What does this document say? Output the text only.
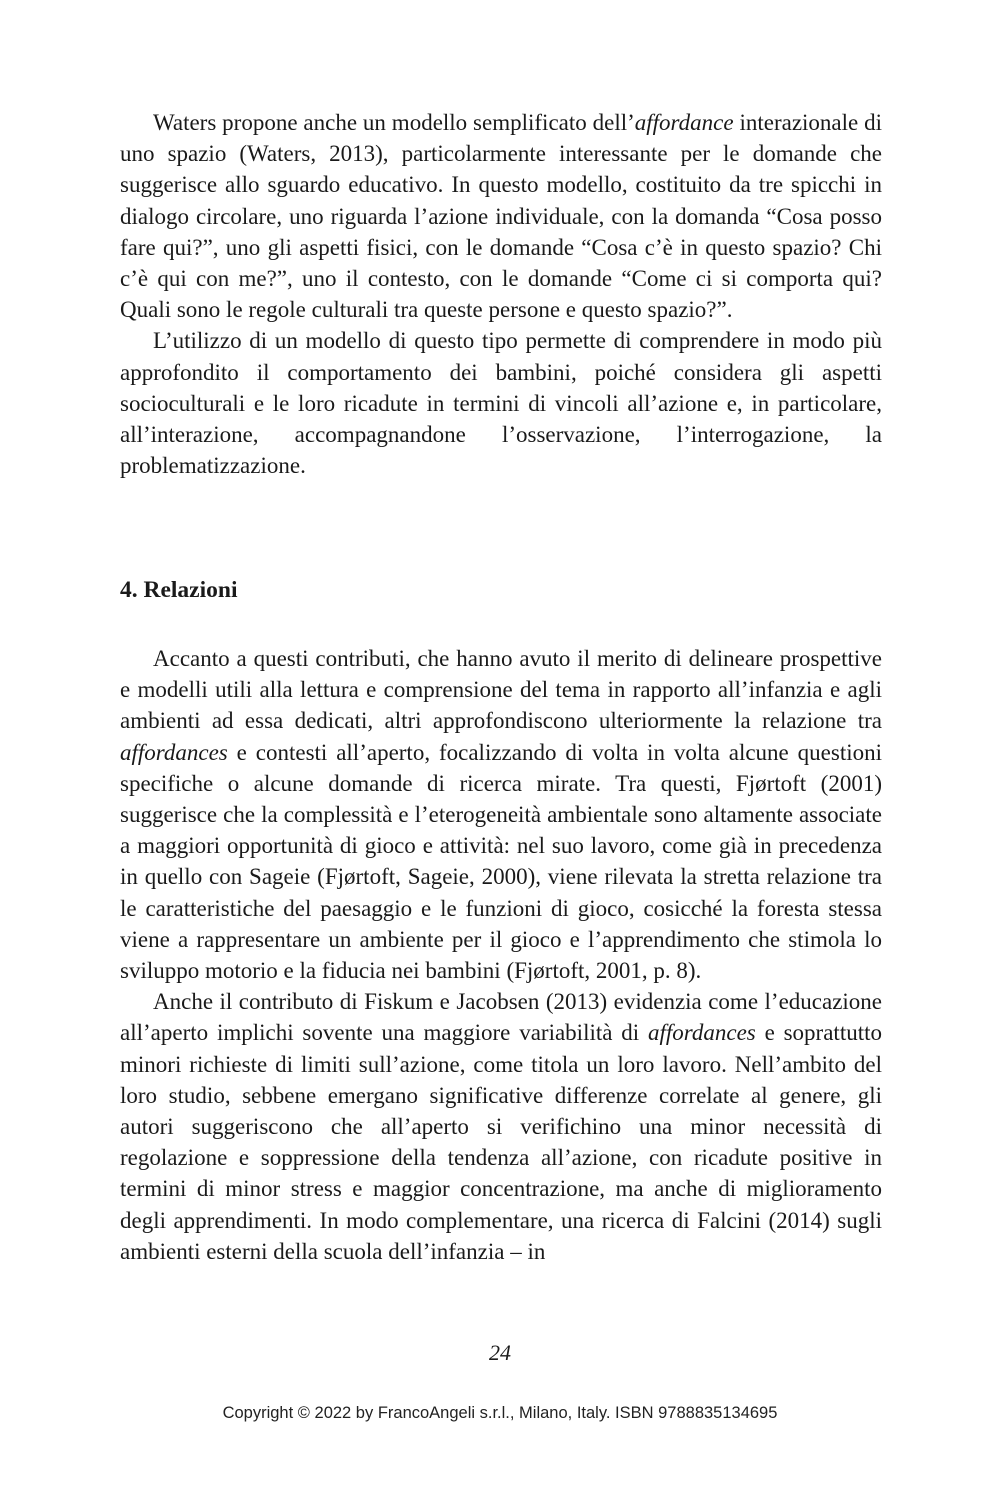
Waters propone anche un modello semplificato dell’affordance interazionale di uno spazio (Waters, 2013), particolarmente interessante per le domande che suggerisce allo sguardo educativo. In questo modello, costituito da tre spicchi in dialogo circolare, uno riguarda l’azione individuale, con la domanda “Cosa posso fare qui?”, uno gli aspetti fisici, con le domande “Cosa c’è in questo spazio? Chi c’è qui con me?”, uno il contesto, con le domande “Come ci si comporta qui? Quali sono le regole culturali tra queste persone e questo spazio?”.

L’utilizzo di un modello di questo tipo permette di comprendere in modo più approfondito il comportamento dei bambini, poiché considera gli aspetti socioculturali e le loro ricadute in termini di vincoli all’azione e, in particolare, all’interazione, accompagnandone l’osservazione, l’interrogazione, la problematizzazione.

4. Relazioni

Accanto a questi contributi, che hanno avuto il merito di delineare prospettive e modelli utili alla lettura e comprensione del tema in rapporto all’infanzia e agli ambienti ad essa dedicati, altri approfondiscono ulteriormente la relazione tra affordances e contesti all’aperto, focalizzando di volta in volta alcune questioni specifiche o alcune domande di ricerca mirate. Tra questi, Fjørtoft (2001) suggerisce che la complessità e l’eterogeneità ambientale sono altamente associate a maggiori opportunità di gioco e attività: nel suo lavoro, come già in precedenza in quello con Sageie (Fjørtoft, Sageie, 2000), viene rilevata la stretta relazione tra le caratteristiche del paesaggio e le funzioni di gioco, cosicché la foresta stessa viene a rappresentare un ambiente per il gioco e l’apprendimento che stimola lo sviluppo motorio e la fiducia nei bambini (Fjørtoft, 2001, p. 8).

Anche il contributo di Fiskum e Jacobsen (2013) evidenzia come l’educazione all’aperto implichi sovente una maggiore variabilità di affordances e soprattutto minori richieste di limiti sull’azione, come titola un loro lavoro. Nell’ambito del loro studio, sebbene emergano significative differenze correlate al genere, gli autori suggeriscono che all’aperto si verifichino una minor necessità di regolazione e soppressione della tendenza all’azione, con ricadute positive in termini di minor stress e maggior concentrazione, ma anche di miglioramento degli apprendimenti. In modo complementare, una ricerca di Falcini (2014) sugli ambienti esterni della scuola dell’infanzia – in

24
Copyright © 2022 by FrancoAngeli s.r.l., Milano, Italy. ISBN 9788835134695
